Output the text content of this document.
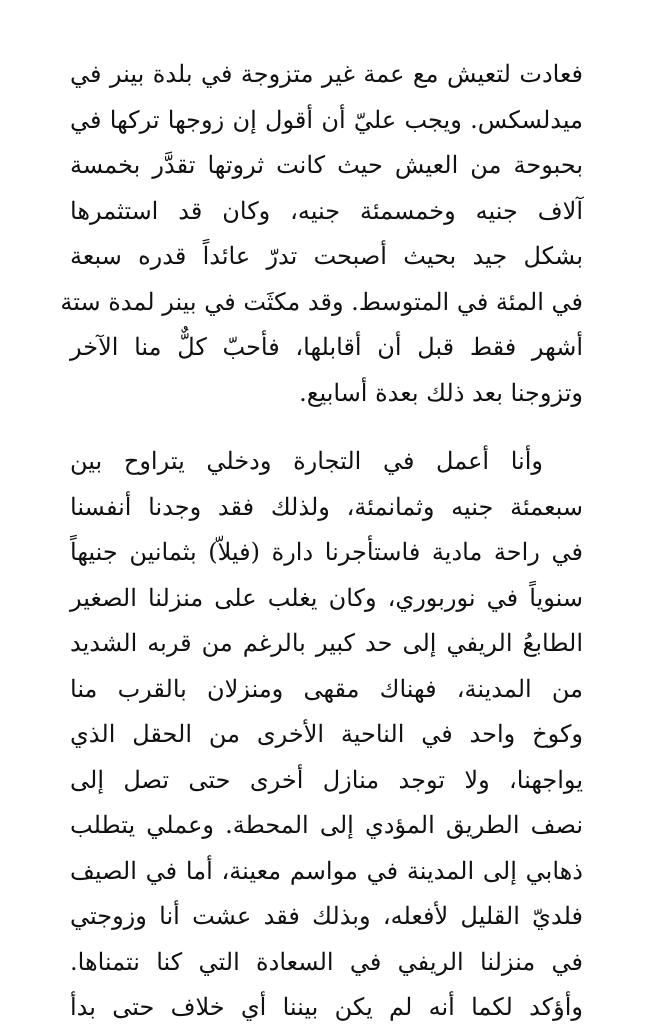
فعادت لتعيش مع عمة غير متزوجة في بلدة بينر في
ميدلسكس. ويجب عليّ أن أقول إن زوجها تركها في
بحبوحة من العيش حيث كانت ثروتها تقدَّر بخمسة
آلاف جنيه وخمسمئة جنيه، وكان قد استثمرها
بشكل جيد بحيث أصبحت تدرّ عائداً قدره سبعة
في المئة في المتوسط. وقد مكثَت في بينر لمدة ستة
أشهر فقط قبل أن أقابلها، فأحبّ كلٌّ منا الآخر
وتزوجنا بعد ذلك بعدة أسابيع.

وأنا أعمل في التجارة ودخلي يتراوح بين
سبعمئة جنيه وثمانمئة، ولذلك فقد وجدنا أنفسنا
في راحة مادية فاستأجرنا دارة (فيلاّ) بثمانين جنيهاً
سنوياً في نوربوري، وكان يغلب على منزلنا الصغير
الطابعُ الريفي إلى حد كبير بالرغم من قربه الشديد
من المدينة، فهناك مقهى ومنزلان بالقرب منا
وكوخ واحد في الناحية الأخرى من الحقل الذي
يواجهنا، ولا توجد منازل أخرى حتى تصل إلى
نصف الطريق المؤدي إلى المحطة. وعملي يتطلب
ذهابي إلى المدينة في مواسم معينة، أما في الصيف
فلديّ القليل لأفعله، وبذلك فقد عشت أنا وزوجتي
في منزلنا الريفي في السعادة التي كنا نتمناها.
وأؤكد لكما أنه لم يكن بيننا أي خلاف حتى بدأ
